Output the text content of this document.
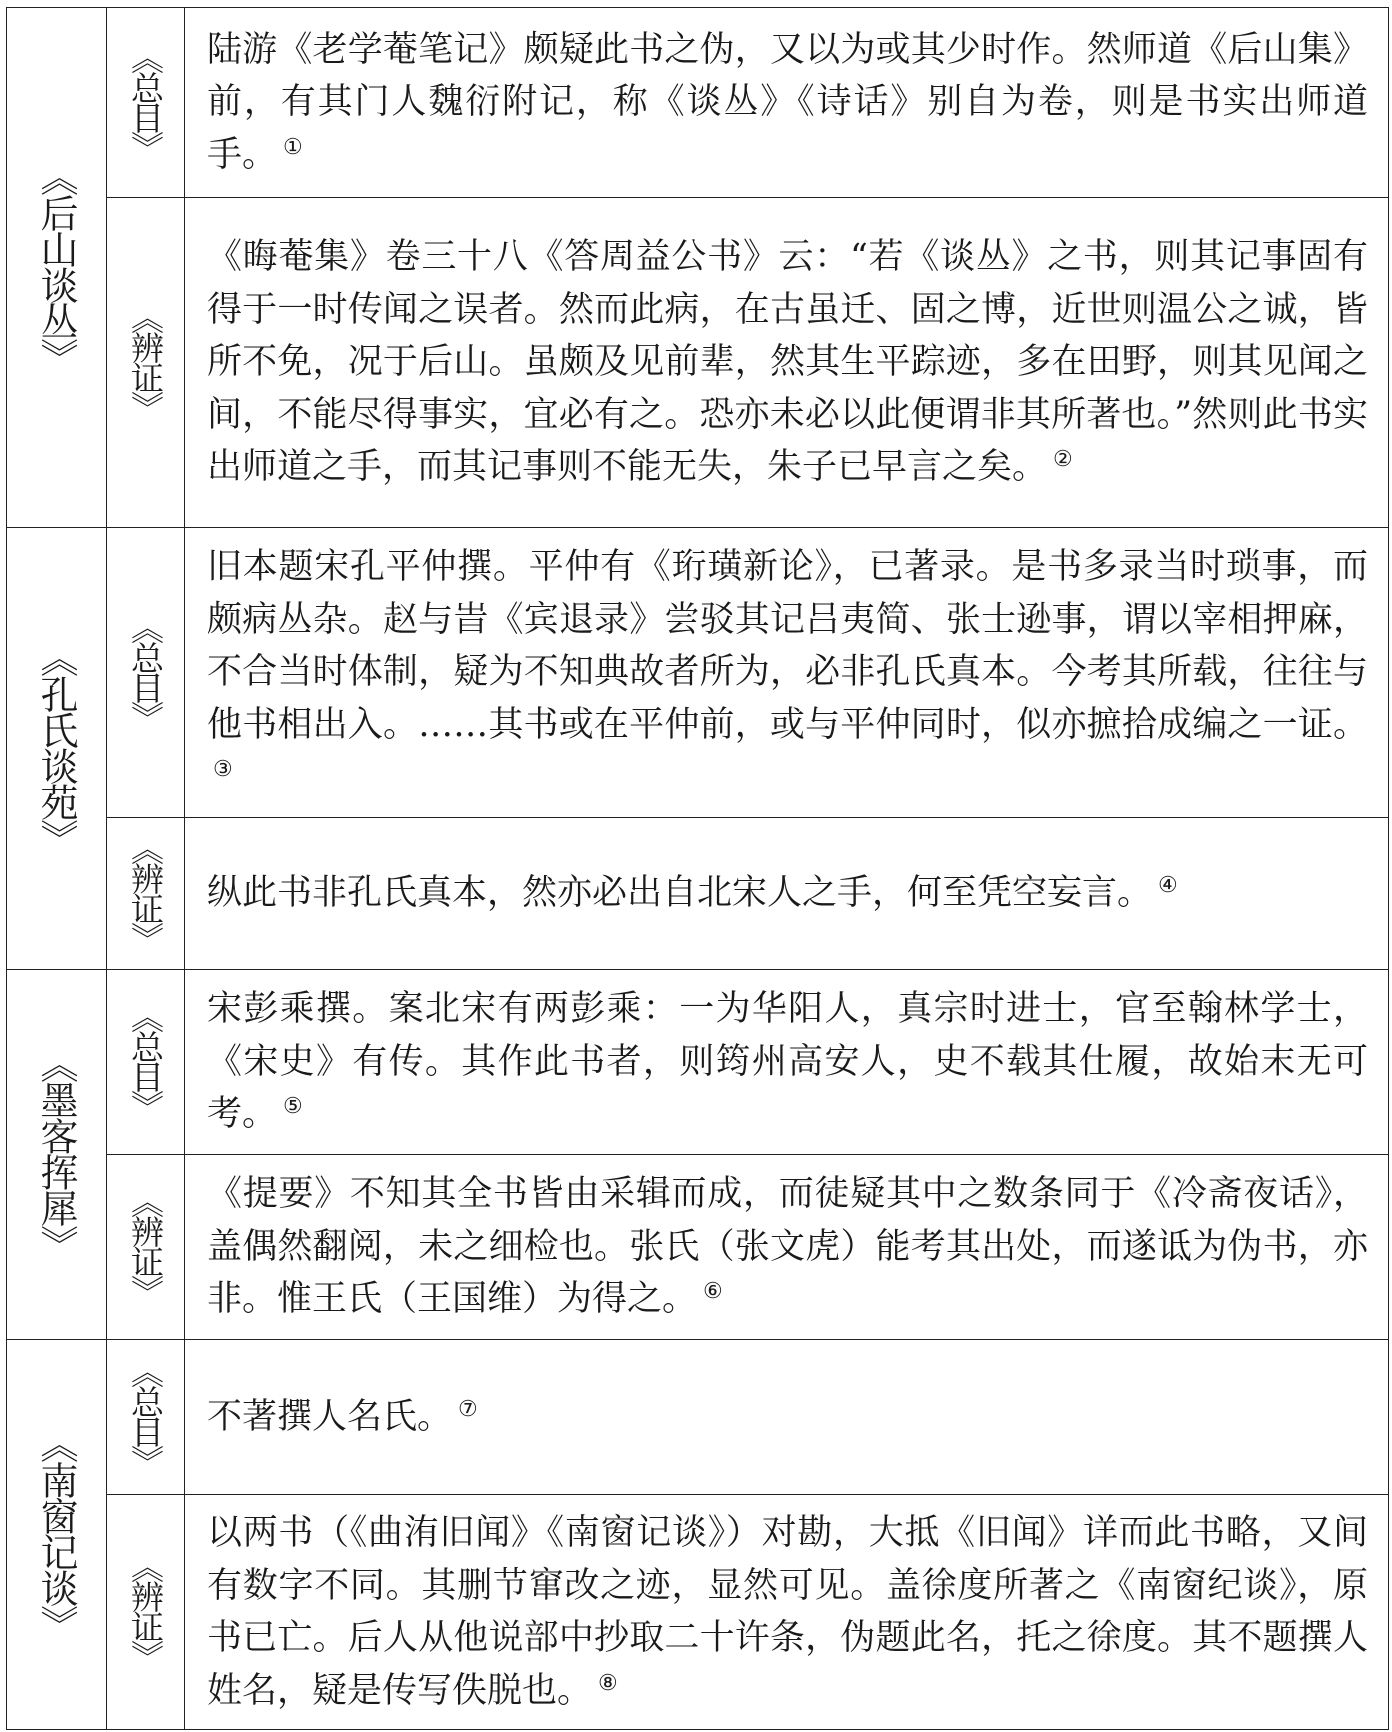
《后山谈丛》	《总目》	陆游《老学菴笔记》颇疑此书之伪，又以为或其少时作。然师道《后山集》前，有其门人魏衍附记，称《谈丛》《诗话》别自为卷，则是书实出师道手。 ①
	《辨证》	《晦菴集》卷三十八《答周益公书》云：“若《谈丛》之书，则其记事固有得于一时传闻之误者。然而此病，在古虽迁、固之博，近世则温公之诚，皆所不免，况于后山。虽颇及见前辈，然其生平踪迹，多在田野，则其见闻之间，不能尽得事实，宜必有之。恐亦未必以此便谓非其所著也。”然则此书实出师道之手，而其记事则不能无失，朱子已早言之矣。 ②
《孔氏谈苑》	《总目》	旧本题宋孔平仲撰。平仲有《珩璜新论》，已著录。是书多录当时琐事，而颇病丛杂。赵与旹《宾退录》尝驳其记吕夷简、张士逊事，谓以宰相押麻，不合当时体制，疑为不知典故者所为，必非孔氏真本。今考其所载，往往与他书相出入。……其书或在平仲前，或与平仲同时，似亦摭拾成编之一证。③
	《辨证》	纵此书非孔氏真本，然亦必出自北宋人之手，何至凭空妄言。 ④
《墨客挥犀》	《总目》	宋彭乘撰。案北宋有两彭乘：一为华阳人，真宗时进士，官至翰林学士，《宋史》有传。其作此书者，则筠州高安人，史不载其仕履，故始末无可考。 ⑤
	《辨证》	《提要》不知其全书皆由采辑而成，而徒疑其中之数条同于《冷斋夜话》，盖偶然翻阅，未之细检也。张氏（张文虎）能考其出处，而遂诋为伪书，亦非。惟王氏（王国维）为得之。 ⑥
《南窗记谈》	《总目》	不著撰人名氏。 ⑦
	《辨证》	以两书（《曲洧旧闻》《南窗记谈》）对勘，大抵《旧闻》详而此书略，又间有数字不同。其删节窜改之迹，显然可见。盖徐度所著之《南窗纪谈》，原书已亡。后人从他说部中抄取二十许条，伪题此名，托之徐度。其不题撰人姓名，疑是传写佚脱也。 ⑧
